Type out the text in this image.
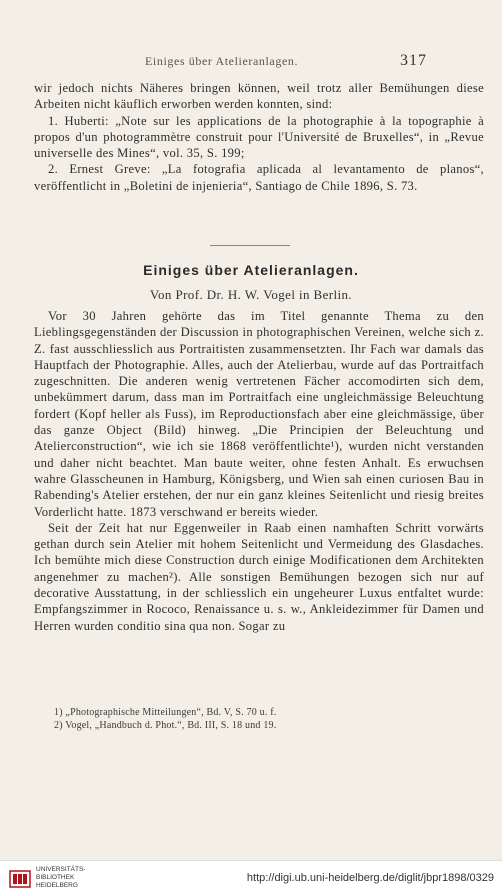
Einiges über Atelieranlagen.	317

wir jedoch nichts Näheres bringen können, weil trotz aller Bemühungen diese Arbeiten nicht käuflich erworben werden konnten, sind:

1. Huberti: „Note sur les applications de la photographie à la topographie à propos d'un photogrammètre construit pour l'Université de Bruxelles“, in „Revue universelle des Mines“, vol. 35, S. 199;

2. Ernest Greve: „La fotografia aplicada al levantamento de planos“, veröffentlicht in „Boletini de injenieria“, Santiago de Chile 1896, S. 73.

Einiges über Atelieranlagen.
Von Prof. Dr. H. W. Vogel in Berlin.

Vor 30 Jahren gehörte das im Titel genannte Thema zu den Lieblingsgegenständen der Discussion in photographischen Vereinen, welche sich z. Z. fast ausschliesslich aus Portraitisten zusammensetzten. Ihr Fach war damals das Hauptfach der Photographie. Alles, auch der Atelierbau, wurde auf das Portraitfach zugeschnitten. Die anderen wenig vertretenen Fächer accomodirten sich dem, unbekümmert darum, dass man im Portraitfach eine ungleichmässige Beleuchtung fordert (Kopf heller als Fuss), im Reproductionsfach aber eine gleichmässige, über das ganze Object (Bild) hinweg. „Die Principien der Beleuchtung und Atelierconstruction“, wie ich sie 1868 veröffentlichte¹), wurden nicht verstanden und daher nicht beachtet. Man baute weiter, ohne festen Anhalt. Es erwuchsen wahre Glasscheunen in Hamburg, Königsberg, und Wien sah einen curiosen Bau in Rabending's Atelier erstehen, der nur ein ganz kleines Seitenlicht und riesig breites Vorderlicht hatte. 1873 verschwand er bereits wieder.

Seit der Zeit hat nur Eggenweiler in Raab einen namhaften Schritt vorwärts gethan durch sein Atelier mit hohem Seitenlicht und Vermeidung des Glasdaches. Ich bemühte mich diese Construction durch einige Modificationen dem Architekten angenehmer zu machen²). Alle sonstigen Bemühungen bezogen sich nur auf decorative Ausstattung, in der schliesslich ein ungeheurer Luxus entfaltet wurde: Empfangszimmer in Rococo, Renaissance u. s. w., Ankleidezimmer für Damen und Herren wurden conditio sina qua non. Sogar zu

1) „Photographische Mitteilungen“, Bd. V, S. 70 u. f.

2) Vogel, „Handbuch d. Phot.“, Bd. III, S. 18 und 19.

UNIVERSITÄTS-
BIBLIOTHEK
HEIDELBERG
http://digi.ub.uni-heidelberg.de/diglit/jbpr1898/0329
